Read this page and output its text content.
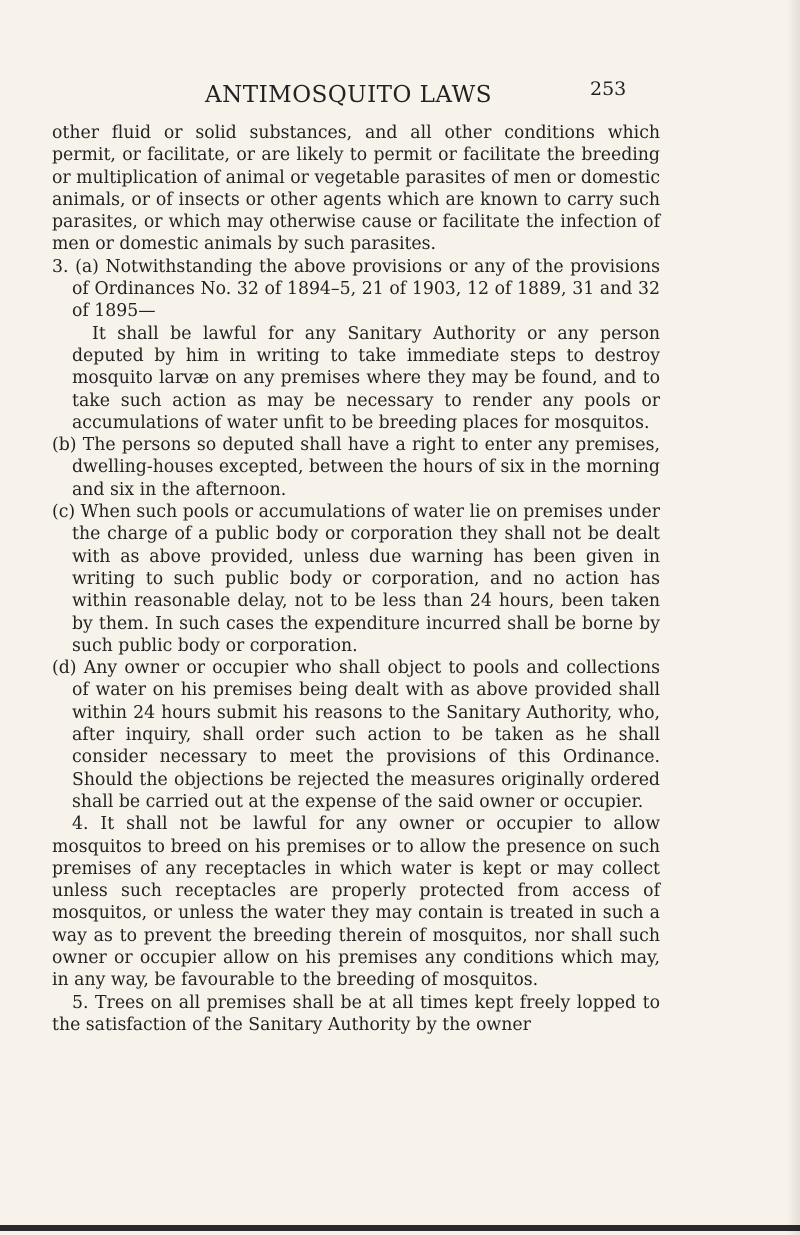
ANTIMOSQUITO LAWS	253

other fluid or solid substances, and all other conditions which permit, or facilitate, or are likely to permit or facilitate the breeding or multiplication of animal or vegetable parasites of men or domestic animals, or of insects or other agents which are known to carry such parasites, or which may otherwise cause or facilitate the infection of men or domestic animals by such parasites.

3. (a) Notwithstanding the above provisions or any of the provisions of Ordinances No. 32 of 1894–5, 21 of 1903, 12 of 1889, 31 and 32 of 1895—

It shall be lawful for any Sanitary Authority or any person deputed by him in writing to take immediate steps to destroy mosquito larvæ on any premises where they may be found, and to take such action as may be necessary to render any pools or accumulations of water unfit to be breeding places for mosquitos.

(b) The persons so deputed shall have a right to enter any premises, dwelling-houses excepted, between the hours of six in the morning and six in the afternoon.

(c) When such pools or accumulations of water lie on premises under the charge of a public body or corporation they shall not be dealt with as above provided, unless due warning has been given in writing to such public body or corporation, and no action has within reasonable delay, not to be less than 24 hours, been taken by them. In such cases the expenditure incurred shall be borne by such public body or corporation.

(d) Any owner or occupier who shall object to pools and collections of water on his premises being dealt with as above provided shall within 24 hours submit his reasons to the Sanitary Authority, who, after inquiry, shall order such action to be taken as he shall consider necessary to meet the provisions of this Ordinance. Should the objections be rejected the measures originally ordered shall be carried out at the expense of the said owner or occupier.

4. It shall not be lawful for any owner or occupier to allow mosquitos to breed on his premises or to allow the presence on such premises of any receptacles in which water is kept or may collect unless such receptacles are properly protected from access of mosquitos, or unless the water they may contain is treated in such a way as to prevent the breeding therein of mosquitos, nor shall such owner or occupier allow on his premises any conditions which may, in any way, be favourable to the breeding of mosquitos.

5. Trees on all premises shall be at all times kept freely lopped to the satisfaction of the Sanitary Authority by the owner
